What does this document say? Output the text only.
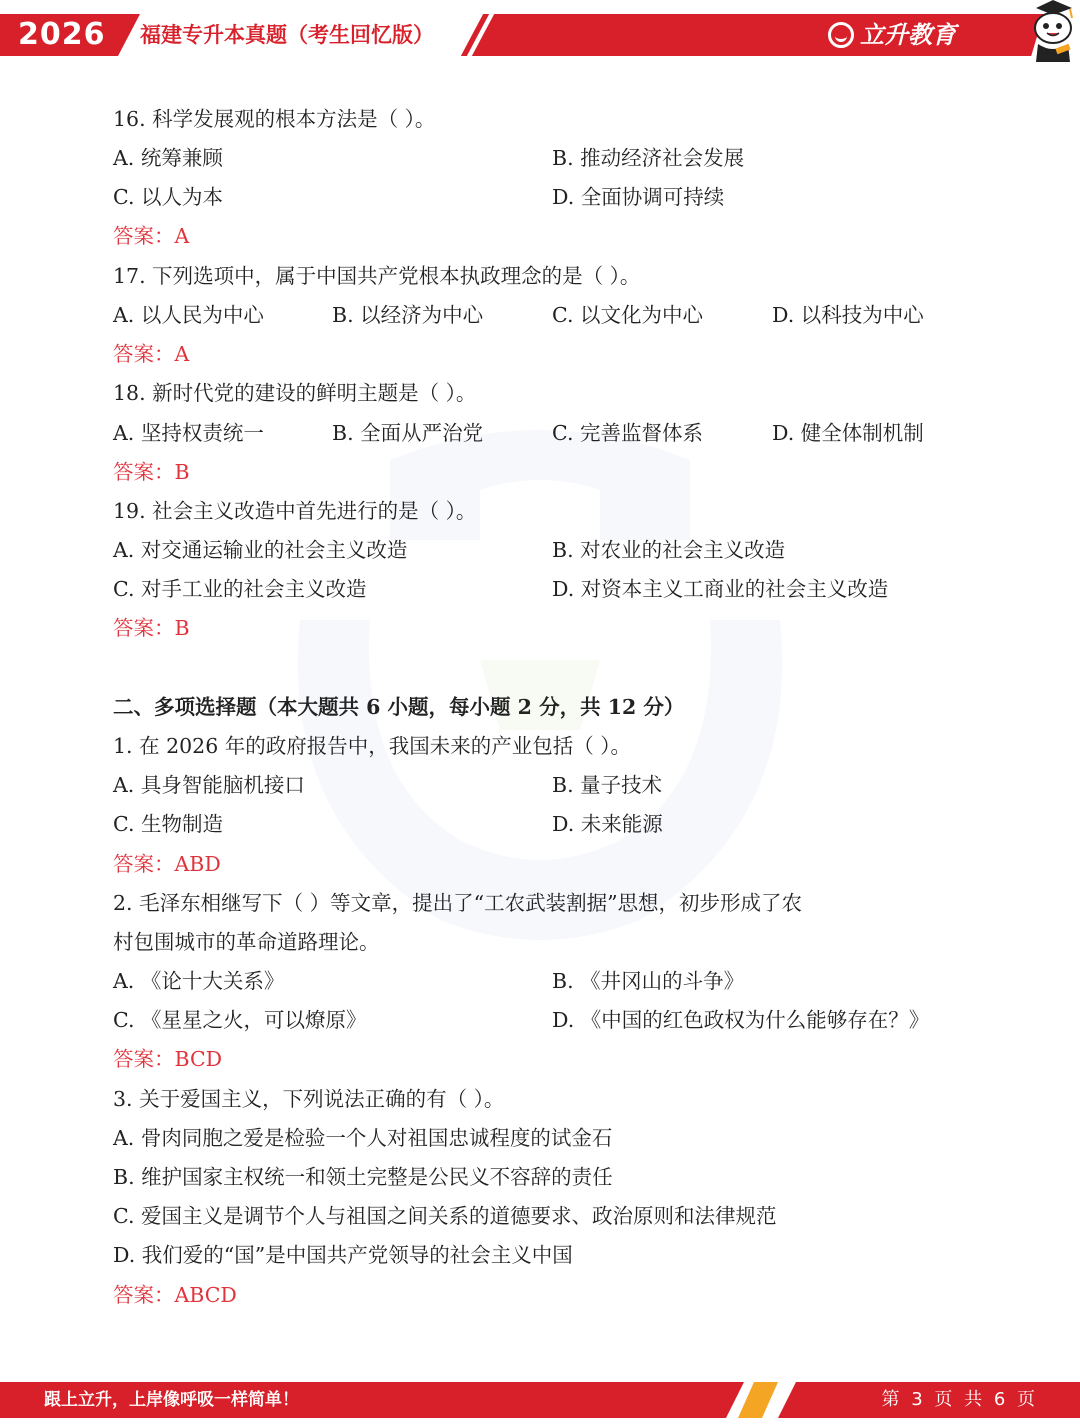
2026 福建专升本真题（考生回忆版）	立升教育
16. 科学发展观的根本方法是（ ）。
A. 统筹兼顾	B. 推动经济社会发展
C. 以人为本	D. 全面协调可持续
答案：A
17. 下列选项中，属于中国共产党根本执政理念的是（ ）。
A. 以人民为中心	B. 以经济为中心	C. 以文化为中心	D. 以科技为中心
答案：A
18. 新时代党的建设的鲜明主题是（ ）。
A. 坚持权责统一	B. 全面从严治党	C. 完善监督体系	D. 健全体制机制
答案：B
19. 社会主义改造中首先进行的是（ ）。
A. 对交通运输业的社会主义改造	B. 对农业的社会主义改造
C. 对手工业的社会主义改造	D. 对资本主义工商业的社会主义改造
答案：B
二、多项选择题（本大题共 6 小题，每小题 2 分，共 12 分）
1. 在 2026 年的政府报告中，我国未来的产业包括（ ）。
A. 具身智能脑机接口	B. 量子技术
C. 生物制造	D. 未来能源
答案：ABD
2. 毛泽东相继写下（ ）等文章，提出了“工农武装割据”思想，初步形成了农
村包围城市的革命道路理论。
A. 《论十大关系》	B. 《井冈山的斗争》
C. 《星星之火，可以燎原》	D. 《中国的红色政权为什么能够存在？》
答案：BCD
3. 关于爱国主义，下列说法正确的有（ ）。
A. 骨肉同胞之爱是检验一个人对祖国忠诚程度的试金石
B. 维护国家主权统一和领土完整是公民义不容辞的责任
C. 爱国主义是调节个人与祖国之间关系的道德要求、政治原则和法律规范
D. 我们爱的“国”是中国共产党领导的社会主义中国
答案：ABCD
跟上立升，上岸像呼吸一样简单！	第 3 页 共 6 页
